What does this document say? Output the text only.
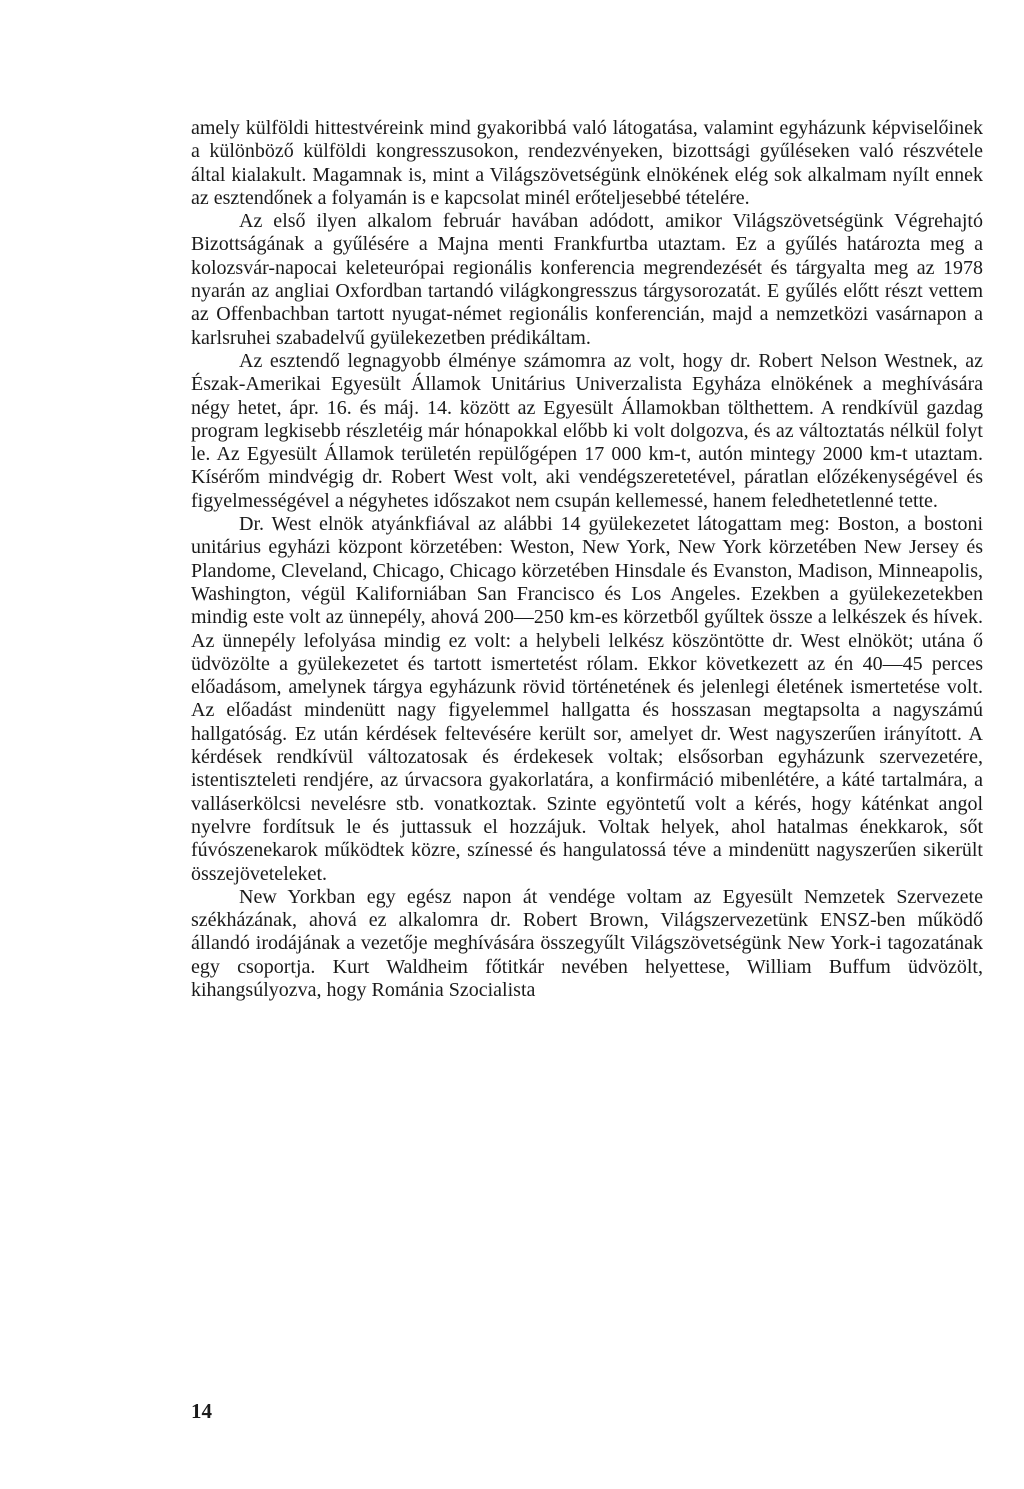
amely külföldi hittestvéreink mind gyakoribbá való látogatása, valamint egyházunk képviselőinek a különböző külföldi kongresszusokon, rendezvényeken, bizottsági gyűléseken való részvétele által kialakult. Magamnak is, mint a Világszövetségünk elnökének elég sok alkalmam nyílt ennek az esztendőnek a folyamán is e kapcsolat minél erőteljesebbé tételére.

Az első ilyen alkalom február havában adódott, amikor Világszövetségünk Végrehajtó Bizottságának a gyűlésére a Majna menti Frankfurtba utaztam. Ez a gyűlés határozta meg a kolozsvár-napocai keleteurópai regionális konferencia megrendezését és tárgyalta meg az 1978 nyarán az angliai Oxfordban tartandó világkongresszus tárgysorozatát. E gyűlés előtt részt vettem az Offenbachban tartott nyugat-német regionális konferencián, majd a nemzetközi vasárnapon a karlsruhei szabadelvű gyülekezetben prédikáltam.

Az esztendő legnagyobb élménye számomra az volt, hogy dr. Robert Nelson Westnek, az Észak-Amerikai Egyesült Államok Unitárius Univerzalista Egyháza elnökének a meghívására négy hetet, ápr. 16. és máj. 14. között az Egyesült Államokban tölthettem. A rendkívül gazdag program legkisebb részletéig már hónapokkal előbb ki volt dolgozva, és az változtatás nélkül folyt le. Az Egyesült Államok területén repülőgépen 17 000 km-t, autón mintegy 2000 km-t utaztam. Kísérőm mindvégig dr. Robert West volt, aki vendégszeretetével, páratlan előzékenységével és figyelmességével a négyhetes időszakot nem csupán kellemessé, hanem feledhetetlenné tette.

Dr. West elnök atyánkfiával az alábbi 14 gyülekezetet látogattam meg: Boston, a bostoni unitárius egyházi központ körzetében: Weston, New York, New York körzetében New Jersey és Plandome, Cleveland, Chicago, Chicago körzetében Hinsdale és Evanston, Madison, Minneapolis, Washington, végül Kaliforniában San Francisco és Los Angeles. Ezekben a gyülekezetekben mindig este volt az ünnepély, ahová 200—250 km-es körzetből gyűltek össze a lelkészek és hívek. Az ünnepély lefolyása mindig ez volt: a helybeli lelkész köszöntötte dr. West elnököt; utána ő üdvözölte a gyülekezetet és tartott ismertetést rólam. Ekkor következett az én 40—45 perces előadásom, amelynek tárgya egyházunk rövid történetének és jelenlegi életének ismertetése volt. Az előadást mindenütt nagy figyelemmel hallgatta és hosszasan megtapsolta a nagyszámú hallgatóság. Ez után kérdések feltevésére került sor, amelyet dr. West nagyszerűen irányított. A kérdések rendkívül változatosak és érdekesek voltak; elsősorban egyházunk szervezetére, istentiszteleti rendjére, az úrvacsora gyakorlatára, a konfirmáció mibenlétére, a káté tartalmára, a valláserkölcsi nevelésre stb. vonatkoztak. Szinte egyöntetű volt a kérés, hogy káténkat angol nyelvre fordítsuk le és juttassuk el hozzájuk. Voltak helyek, ahol hatalmas énekkarok, sőt fúvószenekarok működtek közre, színessé és hangulatossá téve a mindenütt nagyszerűen sikerült összejöveteleket.

New Yorkban egy egész napon át vendége voltam az Egyesült Nemzetek Szervezete székházának, ahová ez alkalomra dr. Robert Brown, Világszervezetünk ENSZ-ben működő állandó irodájának a vezetője meghívására összegyűlt Világszövetségünk New York-i tagozatának egy csoportja. Kurt Waldheim főtitkár nevében helyettese, William Buffum üdvözölt, kihangsúlyozva, hogy Románia Szocialista

14
